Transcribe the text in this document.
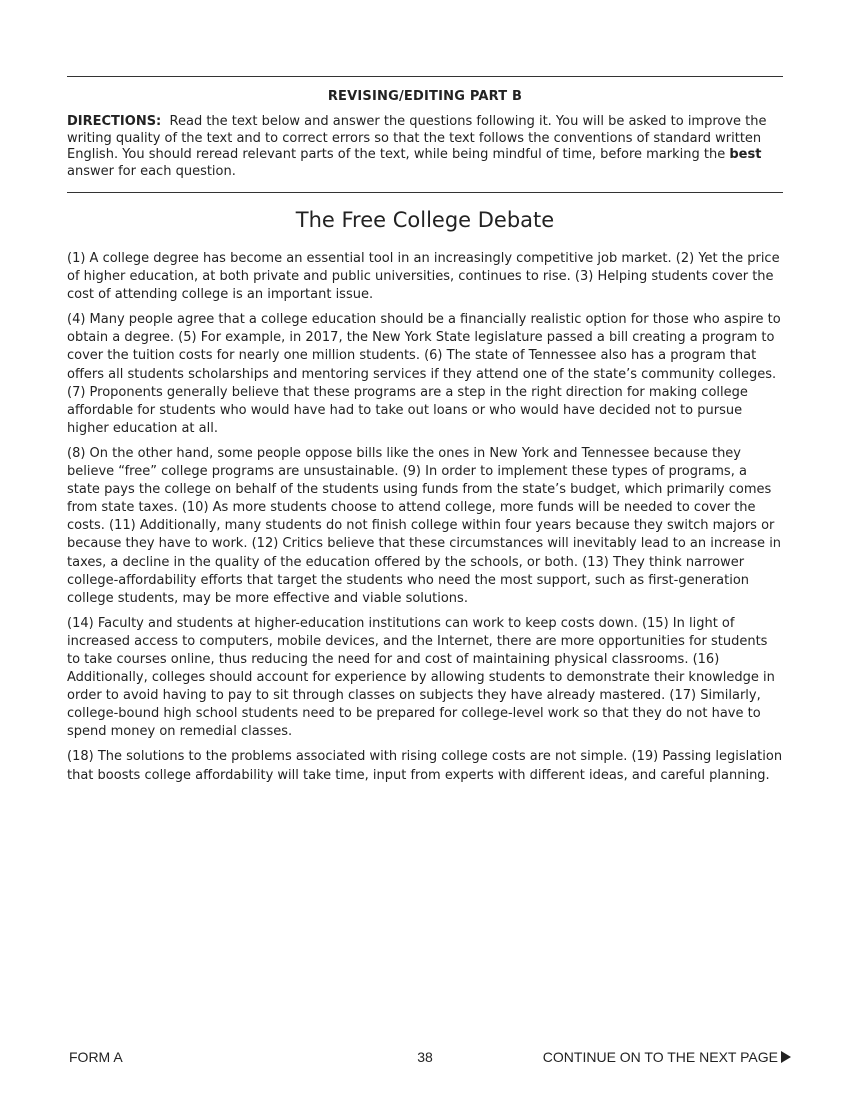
REVISING/EDITING PART B

DIRECTIONS: Read the text below and answer the questions following it. You will be asked to improve the writing quality of the text and to correct errors so that the text follows the conventions of standard written English. You should reread relevant parts of the text, while being mindful of time, before marking the best answer for each question.

The Free College Debate

(1) A college degree has become an essential tool in an increasingly competitive job market. (2) Yet the price of higher education, at both private and public universities, continues to rise. (3) Helping students cover the cost of attending college is an important issue.

(4) Many people agree that a college education should be a financially realistic option for those who aspire to obtain a degree. (5) For example, in 2017, the New York State legislature passed a bill creating a program to cover the tuition costs for nearly one million students. (6) The state of Tennessee also has a program that offers all students scholarships and mentoring services if they attend one of the state’s community colleges. (7) Proponents generally believe that these programs are a step in the right direction for making college affordable for students who would have had to take out loans or who would have decided not to pursue higher education at all.

(8) On the other hand, some people oppose bills like the ones in New York and Tennessee because they believe “free” college programs are unsustainable. (9) In order to implement these types of programs, a state pays the college on behalf of the students using funds from the state’s budget, which primarily comes from state taxes. (10) As more students choose to attend college, more funds will be needed to cover the costs. (11) Additionally, many students do not finish college within four years because they switch majors or because they have to work. (12) Critics believe that these circumstances will inevitably lead to an increase in taxes, a decline in the quality of the education offered by the schools, or both. (13) They think narrower college-affordability efforts that target the students who need the most support, such as first-generation college students, may be more effective and viable solutions.

(14) Faculty and students at higher-education institutions can work to keep costs down. (15) In light of increased access to computers, mobile devices, and the Internet, there are more opportunities for students to take courses online, thus reducing the need for and cost of maintaining physical classrooms. (16) Additionally, colleges should account for experience by allowing students to demonstrate their knowledge in order to avoid having to pay to sit through classes on subjects they have already mastered. (17) Similarly, college-bound high school students need to be prepared for college-level work so that they do not have to spend money on remedial classes.

(18) The solutions to the problems associated with rising college costs are not simple. (19) Passing legislation that boosts college affordability will take time, input from experts with different ideas, and careful planning.

FORM A	38	CONTINUE ON TO THE NEXT PAGE
